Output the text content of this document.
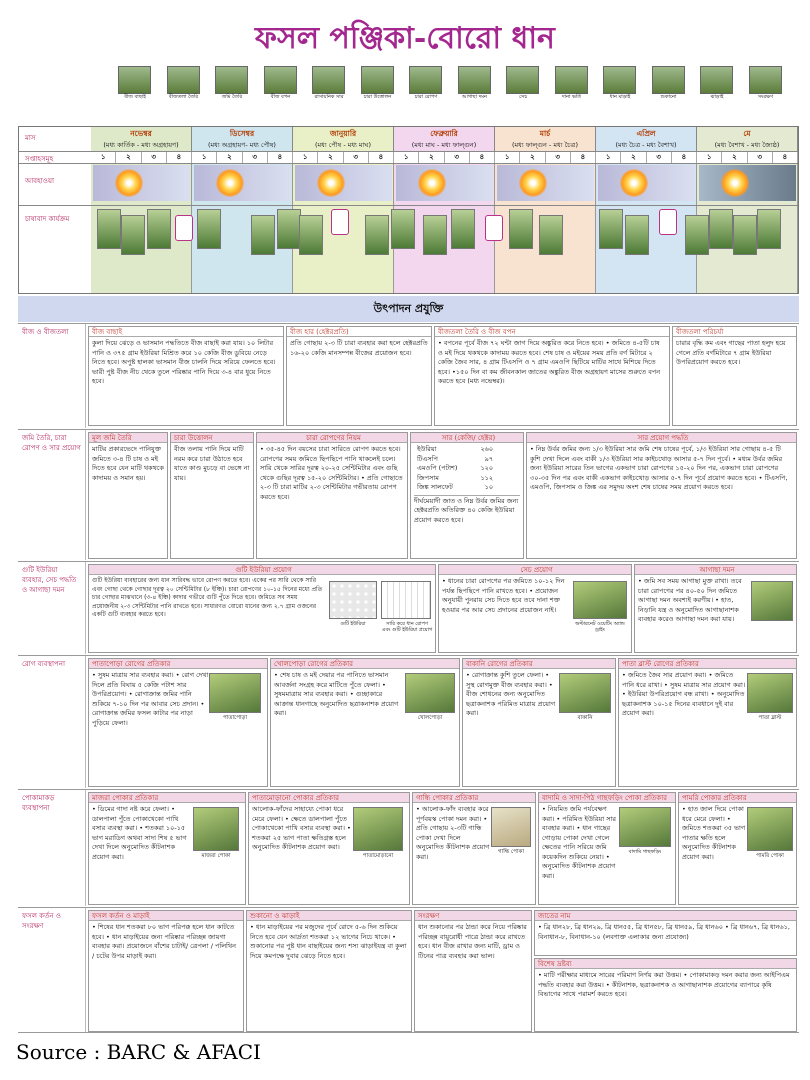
ফসল পঞ্জিকা-বোরো ধান
বীজ বাছাই	বীজতলা তৈরি	জমি তৈরি	বীজ বপন	রাসায়নিক সার	চারা উত্তোলন	চারা রোপণ	আগাছা দমন	সেচ	দানা ভর্তি	ধান মাড়াই	শুকানো	ঝাড়াই	সংরক্ষণ
মাস
সপ্তাহসমূহ
আবহাওয়া
চাষাবাদ কার্যক্রম
নভেম্বর
(মধ্য কার্তিক - মধ্য অগ্রহায়ণ)
১	২	৩	৪
ডিসেম্বর
(মধ্য অগ্রহায়ণ- মধ্য পৌষ)
১	২	৩	৪
জানুয়ারি
(মধ্য পৌষ - মধ্য মাঘ)
১	২	৩	৪
ফেব্রুয়ারি
(মধ্য মাঘ - মধ্য ফাল্গুন)
১	২	৩	৪
মার্চ
(মধ্য ফাল্গুন - মধ্য চৈত্র)
১	২	৩	৪
এপ্রিল
(মধ্য চৈত্র - মধ্য বৈশাখ)
১	২	৩	৪
মে
(মধ্য বৈশাখ - মধ্য জ্যৈষ্ঠ)
১	২	৩	৪
উৎপাদন প্রযুক্তি
বীজ ও বীজতলা	বীজ বাছাই
কুলা দিয়ে ঝেড়ে ও ভাসমান পদ্ধতিতে বীজ বাছাই করা যায়। ১০ লিটার পানি ও ৩৭৫ গ্রাম ইউরিয়া মিশ্রিত করে ১০ কেজি বীজ ডুবিয়ে নেড়ে নিতে হবে। অপুষ্ট হালকা ভাসমান বীজ চালনি দিয়ে সরিয়ে ফেলতে হবে। ভারী পুষ্ট বীজ নীচ থেকে তুলে পরিষ্কার পানি দিয়ে ৩-৪ বার ধুয়ে নিতে হবে।
বীজ হার (হেক্টরপ্রতি)
প্রতি গোছায় ২-৩ টি চারা ব্যবহার করা হলে হেক্টরপ্রতি ১৬-২০ কেজি মানসম্পন্ন বীজের প্রয়োজন হবে।
বীজতলা তৈরি ও বীজ বপন
• বপনের পূর্বে বীজ ৭২ ঘন্টা জাগ দিয়ে অঙ্কুরিত করে নিতে হবে। • জমিতে ৪-৫টি চাষ ও মই দিয়ে থকথকে কাদাময় করতে হবে। শেষ চাষ ও মইয়ের সময় প্রতি বর্গ মিটারে ২ কেজি জৈব সার, ৪ গ্রাম টিএসপি ও ৭ গ্রাম এমওপি ছিটিয়ে মাটির সাথে মিশিয়ে দিতে হবে। •১৫০ দিন বা কম জীবনকাল জাতের অঙ্কুরিত বীজ অগ্রহায়ণ মাসের শুরুতে বপন করতে হবে (মধ্য নভেম্বর)।
বীজতলা পরিচর্যা
চারার বৃদ্ধি কম এবং গাছের পাতা হলুদ হয়ে গেলে প্রতি বর্গমিটারে ৭ গ্রাম ইউরিয়া উপরিপ্রয়োগ করতে হবে।
জমি তৈরি, চারা রোপণ ও সার প্রয়োগ
মূল জমি তৈরি
মাটির প্রকারভেদে পানিযুক্ত জমিতে ৩-৪ টি চাষ ও মই দিতে হবে যেন মাটি থকথকে কাদাময় ও সমান হয়।
চারা উত্তোলন
বীজ তলায় পানি দিয়ে মাটি নরম করে চারা উঠাতে হবে যাতে কাণ্ড মুচড়ে বা ভেঙ্গে না যায়।
চারা রোপণের নিয়ম
• ৩৫-৪৫ দিন বয়সের চারা সারিতে রোপণ করতে হবে। রোপণের সময় জমিতে ছিপছিপে পানি থাকলেই চলে। সারি থেকে সারির দূরত্ব ২০-২৫ সেন্টিমিটার এবং গুছি থেকে গুছির দূরত্ব ১৫-২০ সেন্টিমিটার। • প্রতি গোছাতে ২-৩ টি চারা মাটির ২-৩ সেন্টিমিটার গভীরতায় রোপণ করতে হবে।
সার (কেজি/ হেক্টর)
ইউরিয়া	২৬০
টিএসপি	৯৭
এমওপি (পটাশ)	১২০
জিপসাম	১১২
জিঙ্ক সালফেট	১০
দীর্ঘমেয়াদী জাত ও নিম্ন উর্বর জমির জন্য হেক্টরপ্রতি অতিরিক্ত ৪০ কেজি ইউরিয়া প্রয়োগ করতে হবে।
সার প্রয়োগ পদ্ধতি
• নিম্ন উর্বর জমির জন্য ১/৩ ইউরিয়া সার জমি শেষ চাষের পূর্বে, ১/৩ ইউরিয়া সার গোছায় ৪-৫ টি কুশি দেখা দিলে এবং বাকী ১/৩ ইউরিয়া সার কাইচথোড় আসার ৫-৭ দিন পূর্বে। • মধ্যম উর্বর জমির জন্য ইউরিয়া সারের তিন ভাগের একভাগ চারা রোপণের ১৫-২০ দিন পর, একভাগ চারা রোপণের ৩০-৩৫ দিন পর এবং বাকী একভাগ কাইচথোড় আসার ৫-৭ দিন পূর্বে প্রয়োগ করতে হবে। • টিএসপি, এমওপি, জিপসাম ও জিঙ্ক এর সমুদয় অংশ শেষ চাষের সময় প্রয়োগ করতে হবে।
গুটি ইউরিয়া ব্যবহার, সেচ পদ্ধতি ও আগাছা দমন
গুটি ইউরিয়া প্রয়োগ
গুটি ইউরিয়া ব্যবহারের জন্য ধান সারিবদ্ধ ভাবে রোপণ করতে হবে। একের পর সারি থেকে সারি এবং গোছা থেকে গোছার দূরত্ব ২০ সেন্টিমিটার (৮ ইঞ্চি)। চারা রোপণের ১০-১৫ দিনের মধ্যে প্রতি চার গোছার মাঝখানে (৩-৪ ইঞ্চি) কাদার গভীরে গুটি পুঁতে দিতে হবে। জমিতে সব সময় প্রয়োজনীয় ২-৩ সেন্টিমিটার পানি রাখতে হবে। সাধারণত বোরো ধানের জন্য ২.৭ গ্রাম ওজনের একটি গুটি ব্যবহার করতে হবে।
গুটি ইউরিয়া	সারি করে ধান রোপণ এবং গুটি ইউরিয়া প্রয়োগ
সেচ প্রয়োগ
• ধানের চারা রোপণের পর জমিতে ১০-১২ দিন পর্যন্ত ছিপছিপে পানি রাখতে হবে। • প্রয়োজন অনুযায়ী পুনরায় সেচ দিতে হবে তবে দানা শক্ত হওয়ার পর আর সেচ প্রদানের প্রয়োজন নাই।
অল্টারনেট ওয়েটিং অ্যান্ড ড্রাইং
আগাছা দমন
• জমি সব সময় আগাছা মুক্ত রাখা। তবে চারা রোপণের পর ৪০-৫০ দিন জমিতে আগাছা দমন অবশ্যই করণীয়। • হাত, নিড়ানি যন্ত্র ও অনুমোদিত আগাছানাশক ব্যবহার করেও আগাছা দমন করা যায়।
রোগ ব্যবস্থাপনা	পাতাপোড়া রোগের প্রতিকার
• সুষম মাত্রায় সার ব্যবহার করা। • রোগ দেখা দিলে প্রতি বিঘায় ৫ কেজি পটাশ সার উপরিপ্রয়োগ। • রোগাক্রান্ত জমির পানি শুকিয়ে ৭-১০ দিন পর আবার সেচ প্রদান। • রোগাক্রান্ত জমির ফসল কাটার পর নাড়া পুড়িয়ে ফেলা।
পাতাপোড়া
খোলপোড়া রোগের প্রতিকার
• শেষ চাষ ও মই দেয়ার পর পানিতে ভাসমান আবর্জনা সংগ্রহ করে মাটিতে পুঁতে ফেলা। • সুষমমাত্রায় সার ব্যবহার করা। • গুচ্ছাকারে আক্রান্ত ধানগাছে অনুমোদিত ছত্রাকনাশক প্রয়োগ করা।
খোলপোড়া
বাকানি রোগের প্রতিকার
• রোগাক্রান্ত কুশি তুলে ফেলা। • সুস্থ রোগমুক্ত বীজ ব্যবহার করা। • বীজ শোধনের জন্য অনুমোদিত ছত্রাকনাশক পরিমিত মাত্রায় প্রয়োগ করা।
বাকানি
পাতা ব্লাস্ট রোগের প্রতিকার
• জমিতে জৈব সার প্রয়োগ করা। • জমিতে পানি ধরে রাখা। • সুষম মাত্রায় সার প্রয়োগ করা। • ইউরিয়া উপরিপ্রয়োগ বন্ধ রাখা। • অনুমোদিত ছত্রাকনাশক ১০-১৫ দিনের ব্যবধানে দুই বার প্রয়োগ করা।
পাতা ব্লাস্ট
পোকামাকড় ব্যবস্থাপনা
মাজরা পোকার প্রতিকার
• ডিমের গাদা নষ্ট করে ফেলা। • ডালপালা পুঁতে পোকাখেকো পাখি বসার ব্যবস্থা করা। • শতকরা ১০-১৫ ভাগ মরাডিগ অথবা সাদা শিষ ৫ ভাগ দেখা দিলে অনুমোদিত কীটনাশক প্রয়োগ করা।	মাজরা পোকা
পাতামোড়ানো পোকার প্রতিকার
আলোক-ফাঁদের সাহায্যে পোকা ধরে মেরে ফেলা। • ক্ষেতে ডালপালা পুঁতে পোকাখেকো পাখি বসার ব্যবস্থা করা। • শতকরা ২৫ ভাগ পাতা ক্ষতিগ্রস্ত হলে অনুমোদিত কীটনাশক প্রয়োগ করা।
পাতামোড়ানো
গান্ধি পোকার প্রতিকার
• আলোক-ফাঁদ ব্যবহার করে পূর্ণবয়স্ক পোকা দমন করা। • প্রতি গোছায় ২-৩টি গান্ধি পোকা দেখা দিলে অনুমোদিত কীটনাশক প্রয়োগ করা।
গান্ধি পোকা
বাদামি ও সাদা-পিঠ গাছফড়িং পোকা প্রতিকার
• নিয়মিত জমি পর্যবেক্ষণ করা। • পরিমিত ইউরিয়া সার ব্যবহার করা। • ধান গাছের গোড়ায় পোকা দেখা গেলে ক্ষেতের পানি সরিয়ে জমি কয়েকদিন শুকিয়ে নেয়া। • অনুমোদিত কীটনাশক প্রয়োগ করা।
বাদামি গাছফড়িং
পামরি পোকার প্রতিকার
• হাত জাল দিয়ে পোকা ধরে মেরে ফেলা। • জমিতে শতকরা ৩৫ ভাগ পাতার ক্ষতি হলে অনুমোদিত কীটনাশক প্রয়োগ করা।	পামরি পোকা
ফসল কর্তন ও সংরক্ষণ
ফসল কর্তন ও মাড়াই
• শিষের ধান শতকরা ৮০ ভাগ পরিপক্ক হলে ধান কাটতে হবে। • ধান মাড়াইয়ের জন্য পরিষ্কার পরিচ্ছন্ন জায়গা ব্যবহার করা। প্রয়োজনে বাঁশের চাটাই/ ত্রেপলা / পলিথিন / চটের উপর মাড়াই করা।
শুকানো ও ঝাড়াই
• ধান মাড়াইয়ের পর মজুদের পূর্বে রোদে ৫-৬ দিন শুকিয়ে নিতে হবে যেন আর্দ্রতা শতকরা ১২ ভাগের নিচে থাকে। • শুকানোর পর পুষ্ট ধান বাছাইয়ের জন্য শস্য ঝাড়াইযন্ত্র বা কুলা দিয়ে কমপক্ষে দুবার ঝেড়ে নিতে হবে।
সংরক্ষণ
ধান শুকানোর পর ঠান্ডা করে নিয়ে পরিষ্কার পরিচ্ছন্ন বায়ুরোধী পাত্রে ঠান্ডা করে রাখতে হবে। ধান বীজ রাখার জন্য মাটি, ড্রাম ও টিনের পাত্র ব্যবহার করা ভাল।
জাতের নাম
• ব্রি ধান২৮, ব্রি ধান২৯, ব্রি ধান৫৫, ব্রি ধান৫৮, ব্রি ধান৫৯, ব্রি ধান৬০ • ব্রি ধান৬৭, ব্রি ধান৬১, বিনাধান-৮, বিনাধান-১০ (লবণাক্ত এলাকার জন্য প্রযোজ্য)
বিশেষ দ্রষ্টব্য
• মাটি পরীক্ষার মাধ্যমে সারের পরিমাণ নির্ণয় করা উত্তম। • পোকামাকড় দমন করার জন্য আইপিএম পদ্ধতি ব্যবহার করা উত্তম। • কীটনাশক, ছত্রাকনাশক ও আগাছানাশক প্রয়োগের ব্যাপারে কৃষি বিভাগের সাথে পরামর্শ করতে হবে।
Source : BARC & AFACI
